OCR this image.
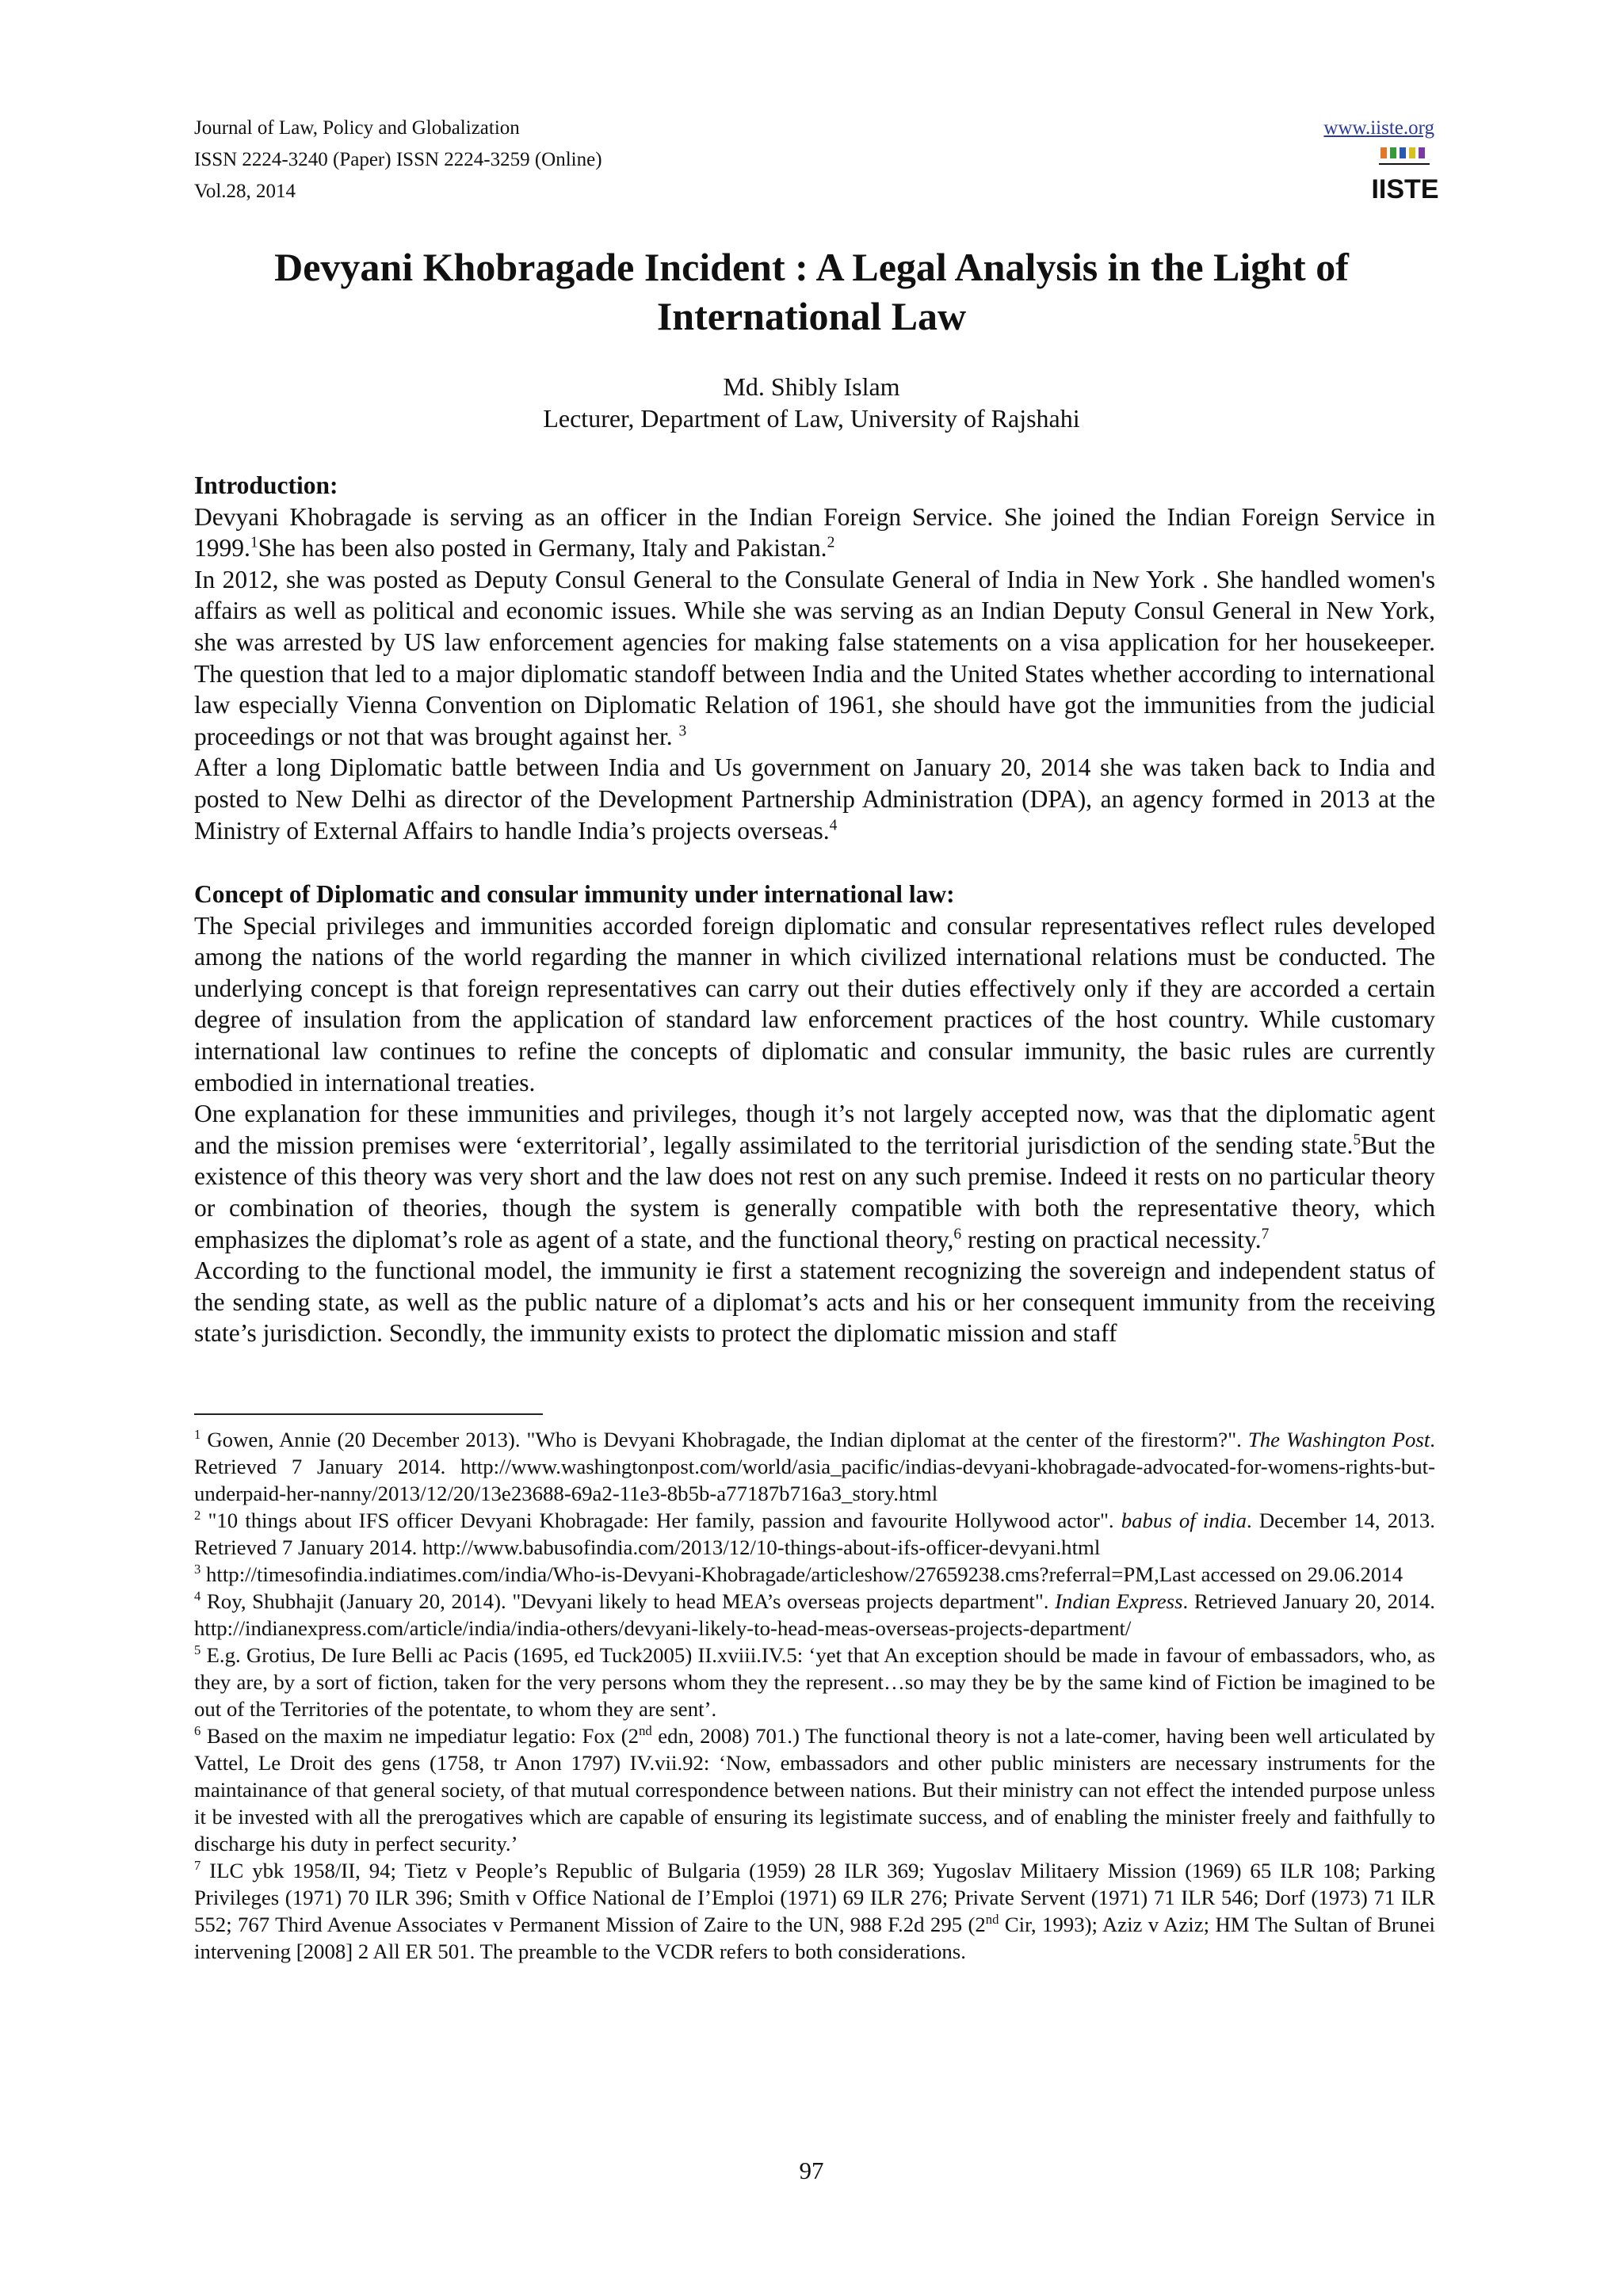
Journal of Law, Policy and Globalization
ISSN 2224-3240 (Paper) ISSN 2224-3259 (Online)
Vol.28, 2014
www.iiste.org
IISTE
Devyani Khobragade Incident : A Legal Analysis in the Light of International Law
Md. Shibly Islam
Lecturer, Department of Law, University of Rajshahi

Introduction:

Devyani Khobragade is serving as an officer in the Indian Foreign Service. She joined the Indian Foreign Service in 1999.$^1$She has been also posted in Germany, Italy and Pakistan.$^2$

In 2012, she was posted as Deputy Consul General to the Consulate General of India in New York . She handled women's affairs as well as political and economic issues. While she was serving as an Indian Deputy Consul General in New York, she was arrested by US law enforcement agencies for making false statements on a visa application for her housekeeper. The question that led to a major diplomatic standoff between India and the United States whether according to international law especially Vienna Convention on Diplomatic Relation of 1961, she should have got the immunities from the judicial proceedings or not that was brought against her. $^3$

After a long Diplomatic battle between India and Us government on January 20, 2014 she was taken back to India and posted to New Delhi as director of the Development Partnership Administration (DPA), an agency formed in 2013 at the Ministry of External Affairs to handle India’s projects overseas.$^4$

Concept of Diplomatic and consular immunity under international law:

The Special privileges and immunities accorded foreign diplomatic and consular representatives reflect rules developed among the nations of the world regarding the manner in which civilized international relations must be conducted. The underlying concept is that foreign representatives can carry out their duties effectively only if they are accorded a certain degree of insulation from the application of standard law enforcement practices of the host country. While customary international law continues to refine the concepts of diplomatic and consular immunity, the basic rules are currently embodied in international treaties.

One explanation for these immunities and privileges, though it’s not largely accepted now, was that the diplomatic agent and the mission premises were ‘exterritorial’, legally assimilated to the territorial jurisdiction of the sending state.$^5$But the existence of this theory was very short and the law does not rest on any such premise. Indeed it rests on no particular theory or combination of theories, though the system is generally compatible with both the representative theory, which emphasizes the diplomat’s role as agent of a state, and the functional theory,$^6$ resting on practical necessity.$^7$

According to the functional model, the immunity ie first a statement recognizing the sovereign and independent status of the sending state, as well as the public nature of a diplomat’s acts and his or her consequent immunity from the receiving state’s jurisdiction. Secondly, the immunity exists to protect the diplomatic mission and staff

$^1$ Gowen, Annie (20 December 2013). "Who is Devyani Khobragade, the Indian diplomat at the center of the firestorm?". The Washington Post. Retrieved 7 January 2014. http://www.washingtonpost.com/world/asia_pacific/indias-devyani-khobragade-advocated-for-womens-rights-but-underpaid-her-nanny/2013/12/20/13e23688-69a2-11e3-8b5b-a77187b716a3_story.html

$^2$ "10 things about IFS officer Devyani Khobragade: Her family, passion and favourite Hollywood actor". babus of india. December 14, 2013. Retrieved 7 January 2014. http://www.babusofindia.com/2013/12/10-things-about-ifs-officer-devyani.html

$^3$ http://timesofindia.indiatimes.com/india/Who-is-Devyani-Khobragade/articleshow/27659238.cms?referral=PM,Last accessed on 29.06.2014

$^4$ Roy, Shubhajit (January 20, 2014). "Devyani likely to head MEA’s overseas projects department". Indian Express. Retrieved January 20, 2014. http://indianexpress.com/article/india/india-others/devyani-likely-to-head-meas-overseas-projects-department/

$^5$ E.g. Grotius, De Iure Belli ac Pacis (1695, ed Tuck2005) II.xviii.IV.5: ‘yet that An exception should be made in favour of embassadors, who, as they are, by a sort of fiction, taken for the very persons whom they the represent…so may they be by the same kind of Fiction be imagined to be out of the Territories of the potentate, to whom they are sent’.

$^6$ Based on the maxim ne impediatur legatio: Fox (2nd edn, 2008) 701.) The functional theory is not a late-comer, having been well articulated by Vattel, Le Droit des gens (1758, tr Anon 1797) IV.vii.92: ‘Now, embassadors and other public ministers are necessary instruments for the maintainance of that general society, of that mutual correspondence between nations. But their ministry can not effect the intended purpose unless it be invested with all the prerogatives which are capable of ensuring its legistimate success, and of enabling the minister freely and faithfully to discharge his duty in perfect security.’

$^7$ ILC ybk 1958/II, 94; Tietz v People’s Republic of Bulgaria (1959) 28 ILR 369; Yugoslav Militaery Mission (1969) 65 ILR 108; Parking Privileges (1971) 70 ILR 396; Smith v Office National de I’Emploi (1971) 69 ILR 276; Private Servent (1971) 71 ILR 546; Dorf (1973) 71 ILR 552; 767 Third Avenue Associates v Permanent Mission of Zaire to the UN, 988 F.2d 295 (2nd Cir, 1993); Aziz v Aziz; HM The Sultan of Brunei intervening [2008] 2 All ER 501. The preamble to the VCDR refers to both considerations.

97
